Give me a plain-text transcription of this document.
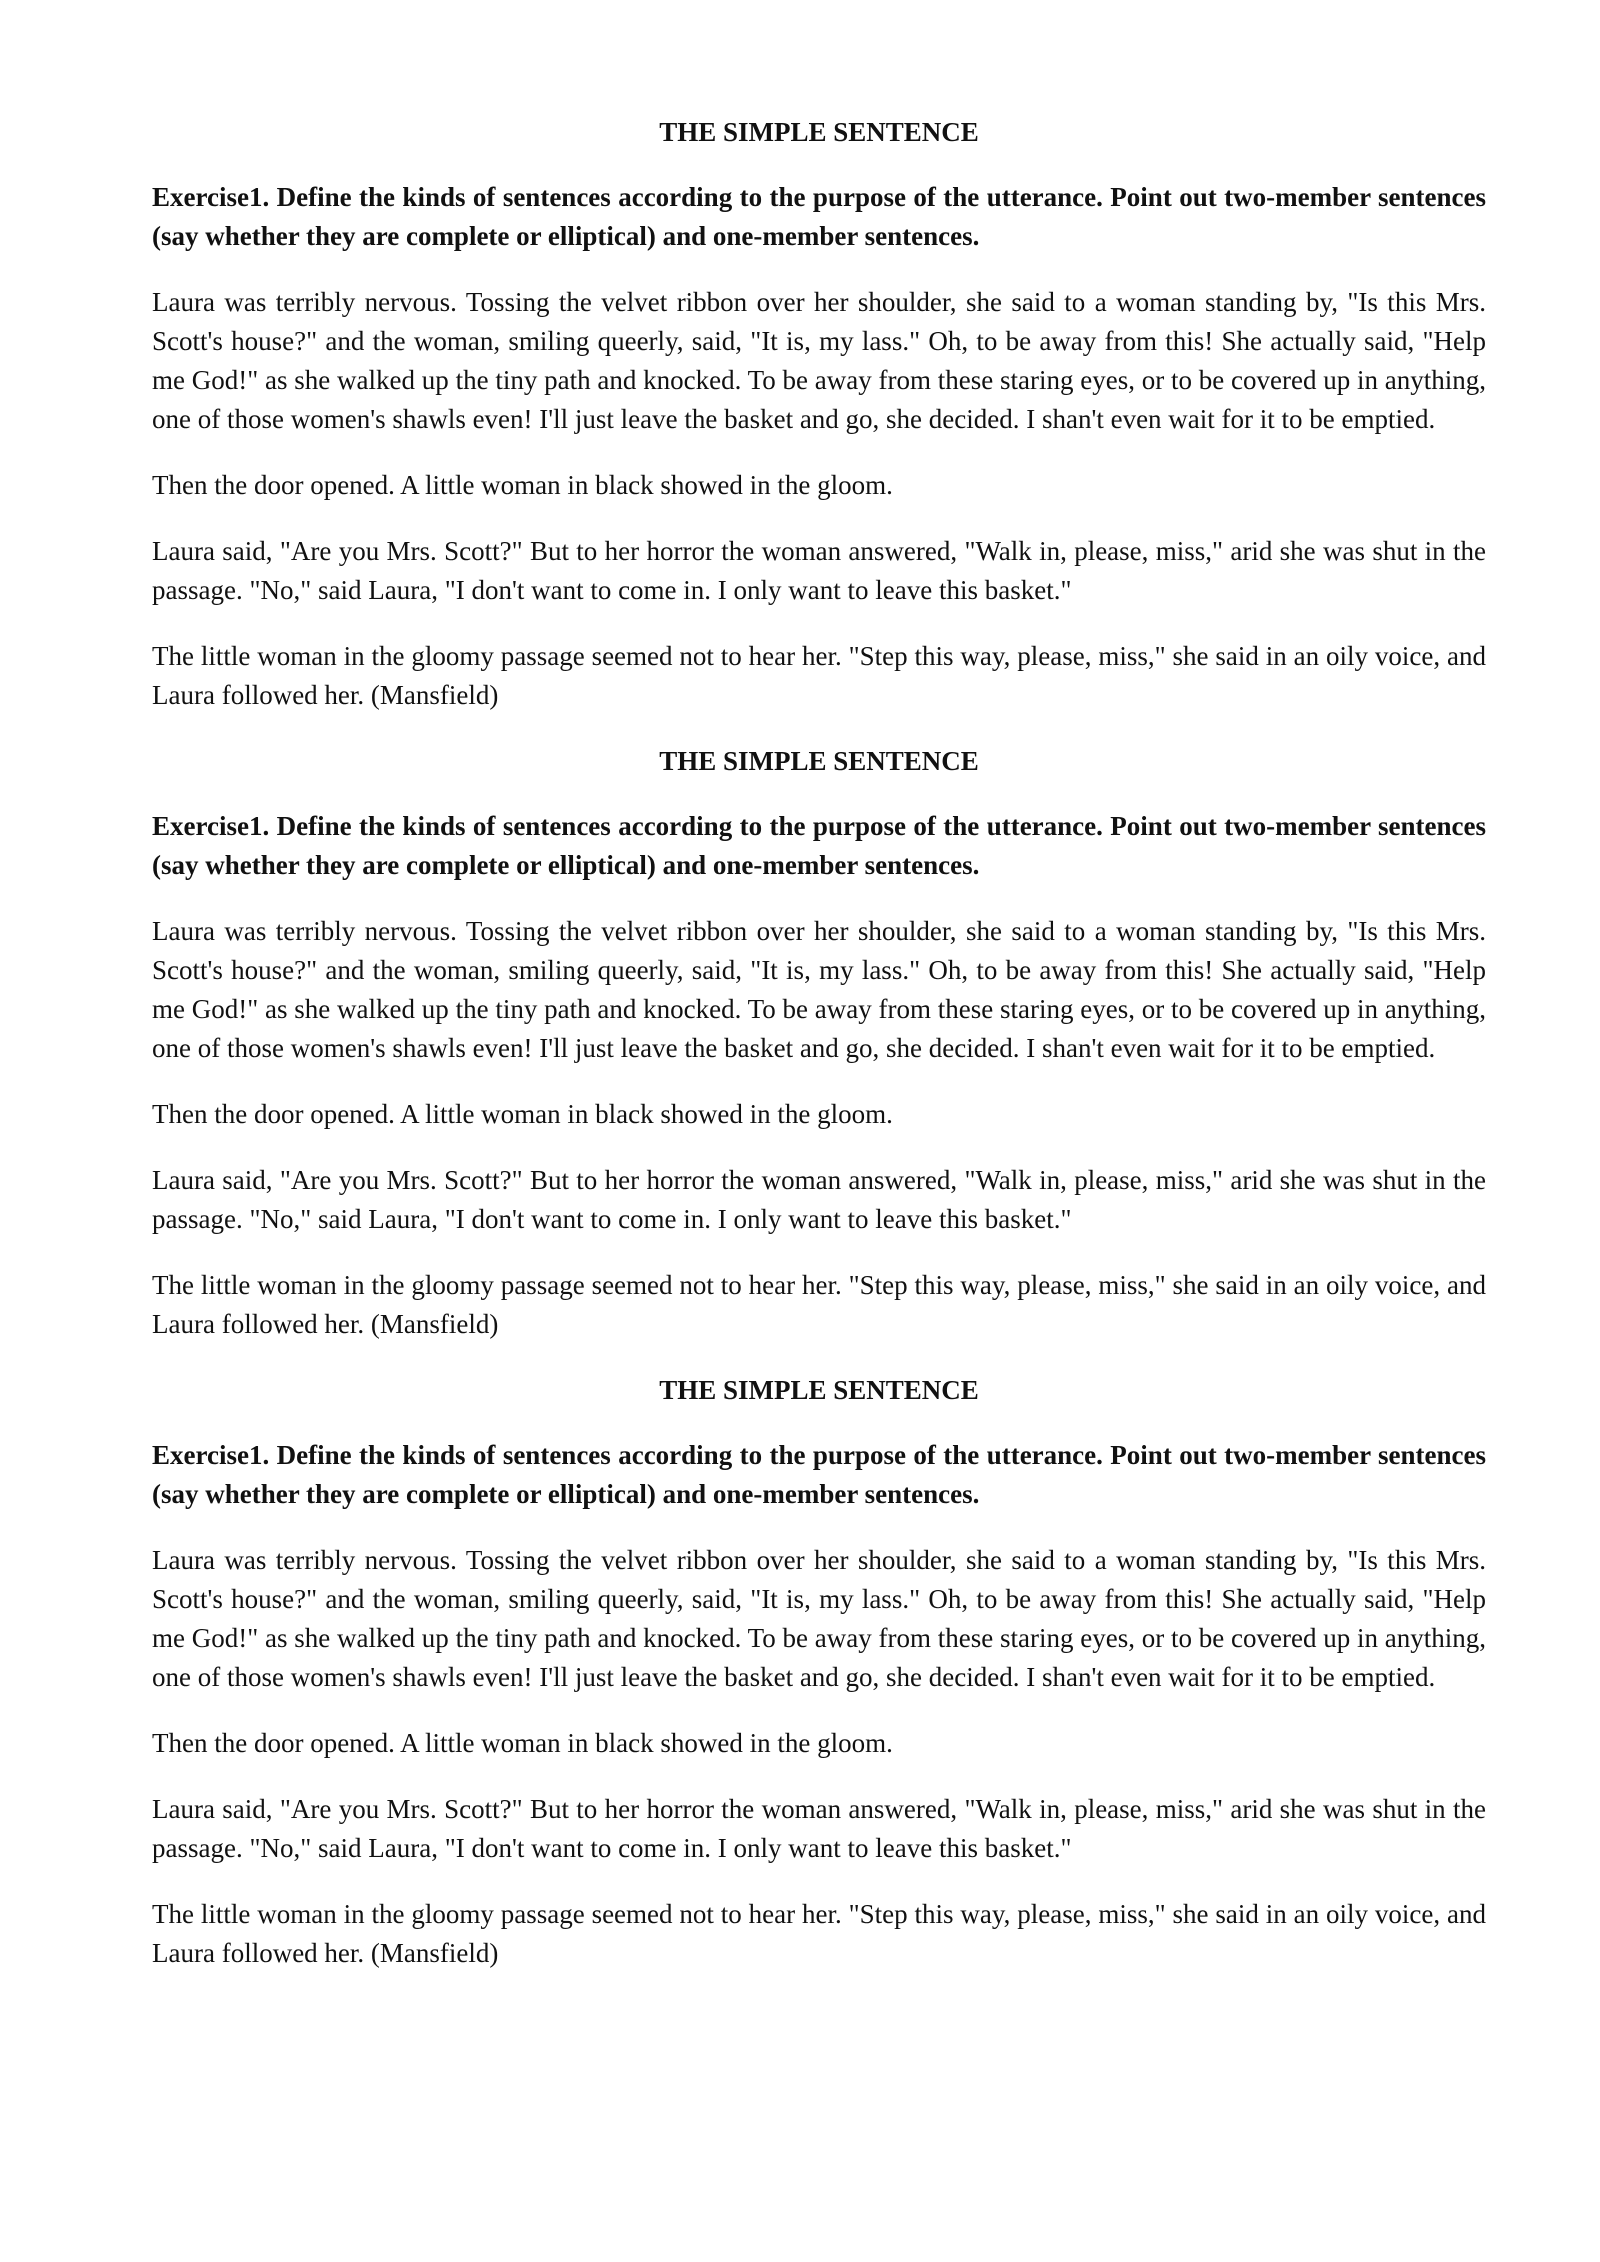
THE SIMPLE SENTENCE
Exercise1. Define the kinds of sentences according to the purpose of the utterance. Point out two-member sentences (say whether they are complete or elliptical) and one-member sentences.
Laura was terribly nervous. Tossing the velvet ribbon over her shoulder, she said to a woman standing by, "Is this Mrs. Scott's house?" and the woman, smiling queerly, said, "It is, my lass." Oh, to be away from this! She actually said, "Help me God!" as she walked up the tiny path and knocked. To be away from these staring eyes, or to be covered up in anything, one of those women's shawls even! I'll just leave the basket and go, she decided. I shan't even wait for it to be emptied.
Then the door opened. A little woman in black showed in the gloom.
Laura said, "Are you Mrs. Scott?" But to her horror the woman answered, "Walk in, please, miss," arid she was shut in the passage. "No," said Laura, "I don't want to come in. I only want to leave this basket."
The little woman in the gloomy passage seemed not to hear her. "Step this way, please, miss," she said in an oily voice, and Laura followed her. (Mansfield)
THE SIMPLE SENTENCE
Exercise1. Define the kinds of sentences according to the purpose of the utterance. Point out two-member sentences (say whether they are complete or elliptical) and one-member sentences.
Laura was terribly nervous. Tossing the velvet ribbon over her shoulder, she said to a woman standing by, "Is this Mrs. Scott's house?" and the woman, smiling queerly, said, "It is, my lass." Oh, to be away from this! She actually said, "Help me God!" as she walked up the tiny path and knocked. To be away from these staring eyes, or to be covered up in anything, one of those women's shawls even! I'll just leave the basket and go, she decided. I shan't even wait for it to be emptied.
Then the door opened. A little woman in black showed in the gloom.
Laura said, "Are you Mrs. Scott?" But to her horror the woman answered, "Walk in, please, miss," arid she was shut in the passage. "No," said Laura, "I don't want to come in. I only want to leave this basket."
The little woman in the gloomy passage seemed not to hear her. "Step this way, please, miss," she said in an oily voice, and Laura followed her. (Mansfield)
THE SIMPLE SENTENCE
Exercise1. Define the kinds of sentences according to the purpose of the utterance. Point out two-member sentences (say whether they are complete or elliptical) and one-member sentences.
Laura was terribly nervous. Tossing the velvet ribbon over her shoulder, she said to a woman standing by, "Is this Mrs. Scott's house?" and the woman, smiling queerly, said, "It is, my lass." Oh, to be away from this! She actually said, "Help me God!" as she walked up the tiny path and knocked. To be away from these staring eyes, or to be covered up in anything, one of those women's shawls even! I'll just leave the basket and go, she decided. I shan't even wait for it to be emptied.
Then the door opened. A little woman in black showed in the gloom.
Laura said, "Are you Mrs. Scott?" But to her horror the woman answered, "Walk in, please, miss," arid she was shut in the passage. "No," said Laura, "I don't want to come in. I only want to leave this basket."
The little woman in the gloomy passage seemed not to hear her. "Step this way, please, miss," she said in an oily voice, and Laura followed her. (Mansfield)
